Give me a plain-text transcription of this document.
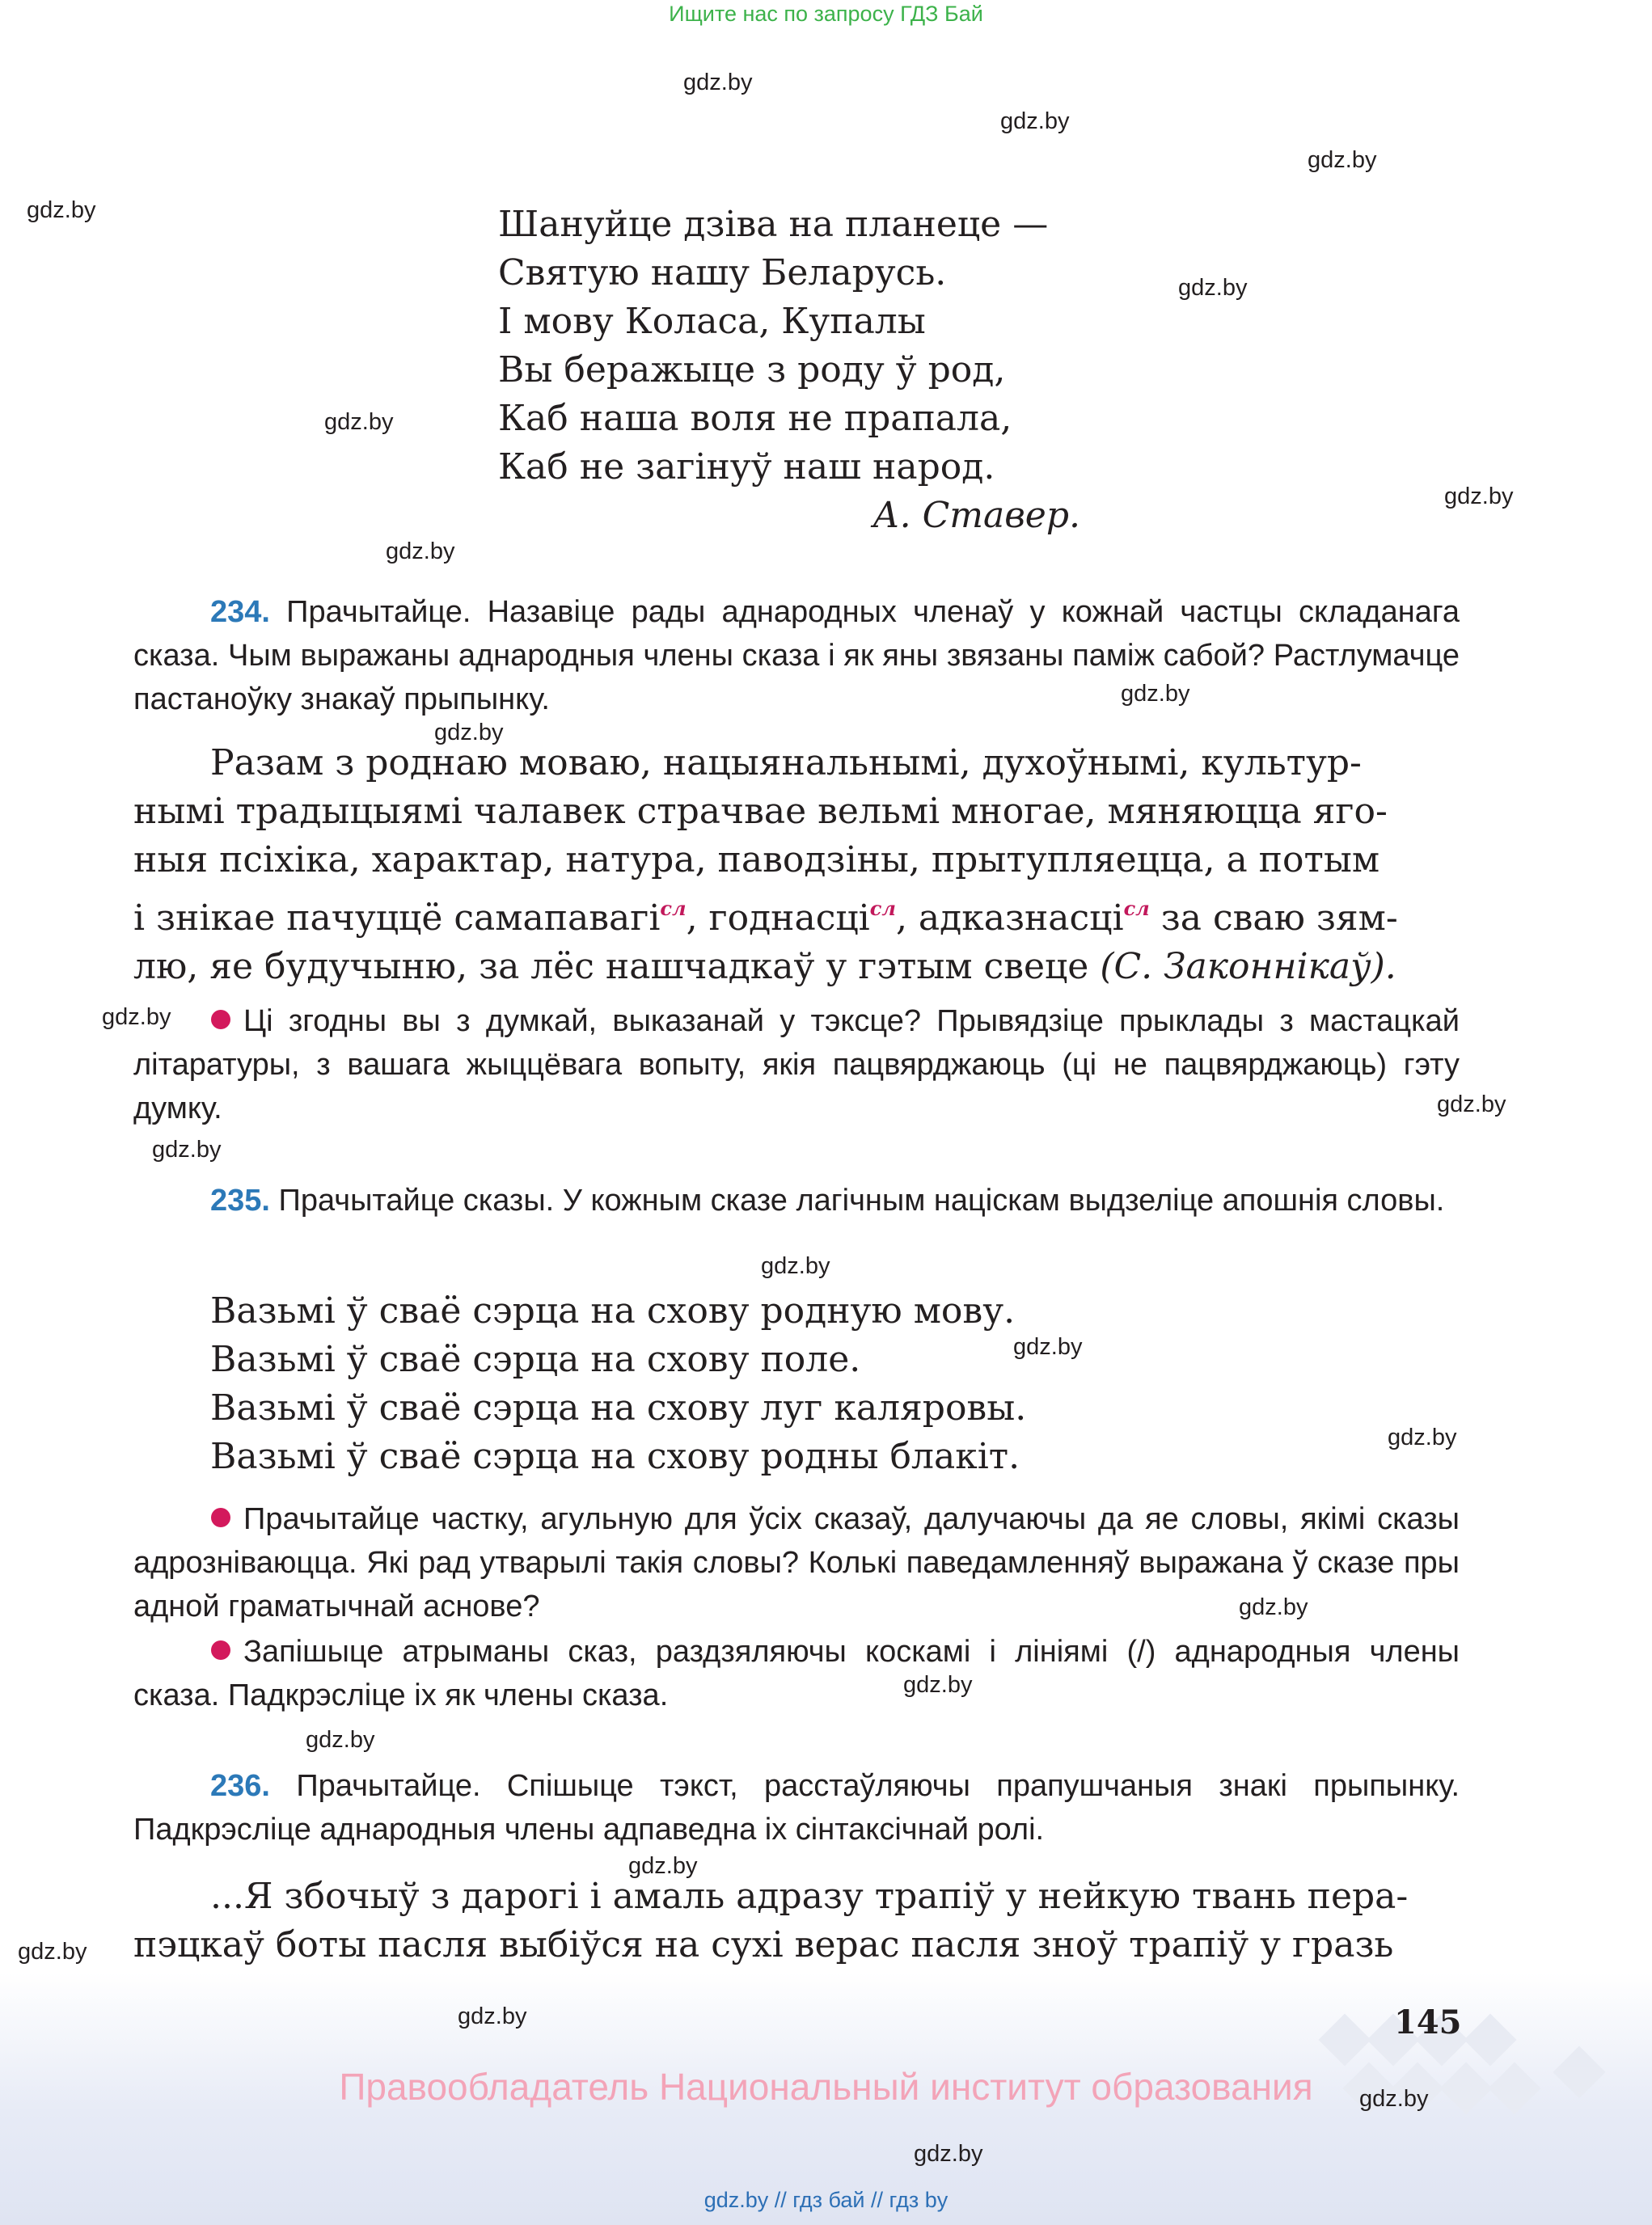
Ищите нас по запросу ГДЗ Бай
gdz.by
gdz.by
gdz.by
gdz.by
gdz.by
gdz.by
gdz.by
gdz.by
gdz.by
gdz.by
gdz.by
gdz.by
gdz.by
gdz.by
gdz.by
gdz.by
gdz.by
gdz.by
gdz.by
gdz.by
gdz.by
gdz.by
gdz.by
gdz.by
Шануйце дзіва на планеце —
Святую нашу Беларусь.
І мову Коласа, Купалы
Вы беражыце з роду ў род,
Каб наша воля не прапала,
Каб не загінуў наш народ.
А. Ставер.
234. Прачытайце. Назавіце рады аднародных членаў у кожнай частцы складанага сказа. Чым выражаны аднародныя члены сказа і як яны звязаны паміж сабой? Растлумачце пастаноўку знакаў прыпынку.
Разам з роднаю моваю, нацыянальнымі, духоўнымі, культур-
нымі традыцыямі чалавек страчвае вельмі многае, мяняюцца яго-
ныя псіхіка, характар, натура, паводзіны, прытупляецца, а потым
і знікае пачуццё самапавагі$^{сл}$, годнасці$^{сл}$, адказнасці$^{сл}$ за сваю зям-
лю, яе будучыню, за лёс нашчадкаў у гэтым свеце (С. Законнікаў).
Ці згодны вы з думкай, выказанай у тэксце? Прывядзіце прыклады з мастацкай літаратуры, з вашага жыццёвага вопыту, якія пацвярджаюць (ці не пацвярджаюць) гэту думку.
235. Прачытайце сказы. У кожным сказе лагічным націскам выдзеліце апошнія словы.
Вазьмі ў сваё сэрца на схову родную мову.
Вазьмі ў сваё сэрца на схову поле.
Вазьмі ў сваё сэрца на схову луг каляровы.
Вазьмі ў сваё сэрца на схову родны блакіт.
Прачытайце частку, агульную для ўсіх сказаў, далучаючы да яе словы, якімі сказы адрозніваюцца. Які рад утварылі такія словы? Колькі паведамленняў выражана ў сказе пры адной граматычнай аснове?
Запішыце атрыманы сказ, раздзяляючы коскамі і лініямі (/) аднародныя члены сказа. Падкрэсліце іх як члены сказа.
236. Прачытайце. Спішыце тэкст, расстаўляючы прапушчаныя знакі прыпынку. Падкрэсліце аднародныя члены адпаведна іх сінтаксічнай ролі.
...Я збочыў з дарогі і амаль адразу трапіў у нейкую твань пера-
пэцкаў боты пасля выбіўся на сухі верас пасля зноў трапіў у гразь
145
Правообладатель Национальный институт образования
gdz.by // гдз бай // гдз by
